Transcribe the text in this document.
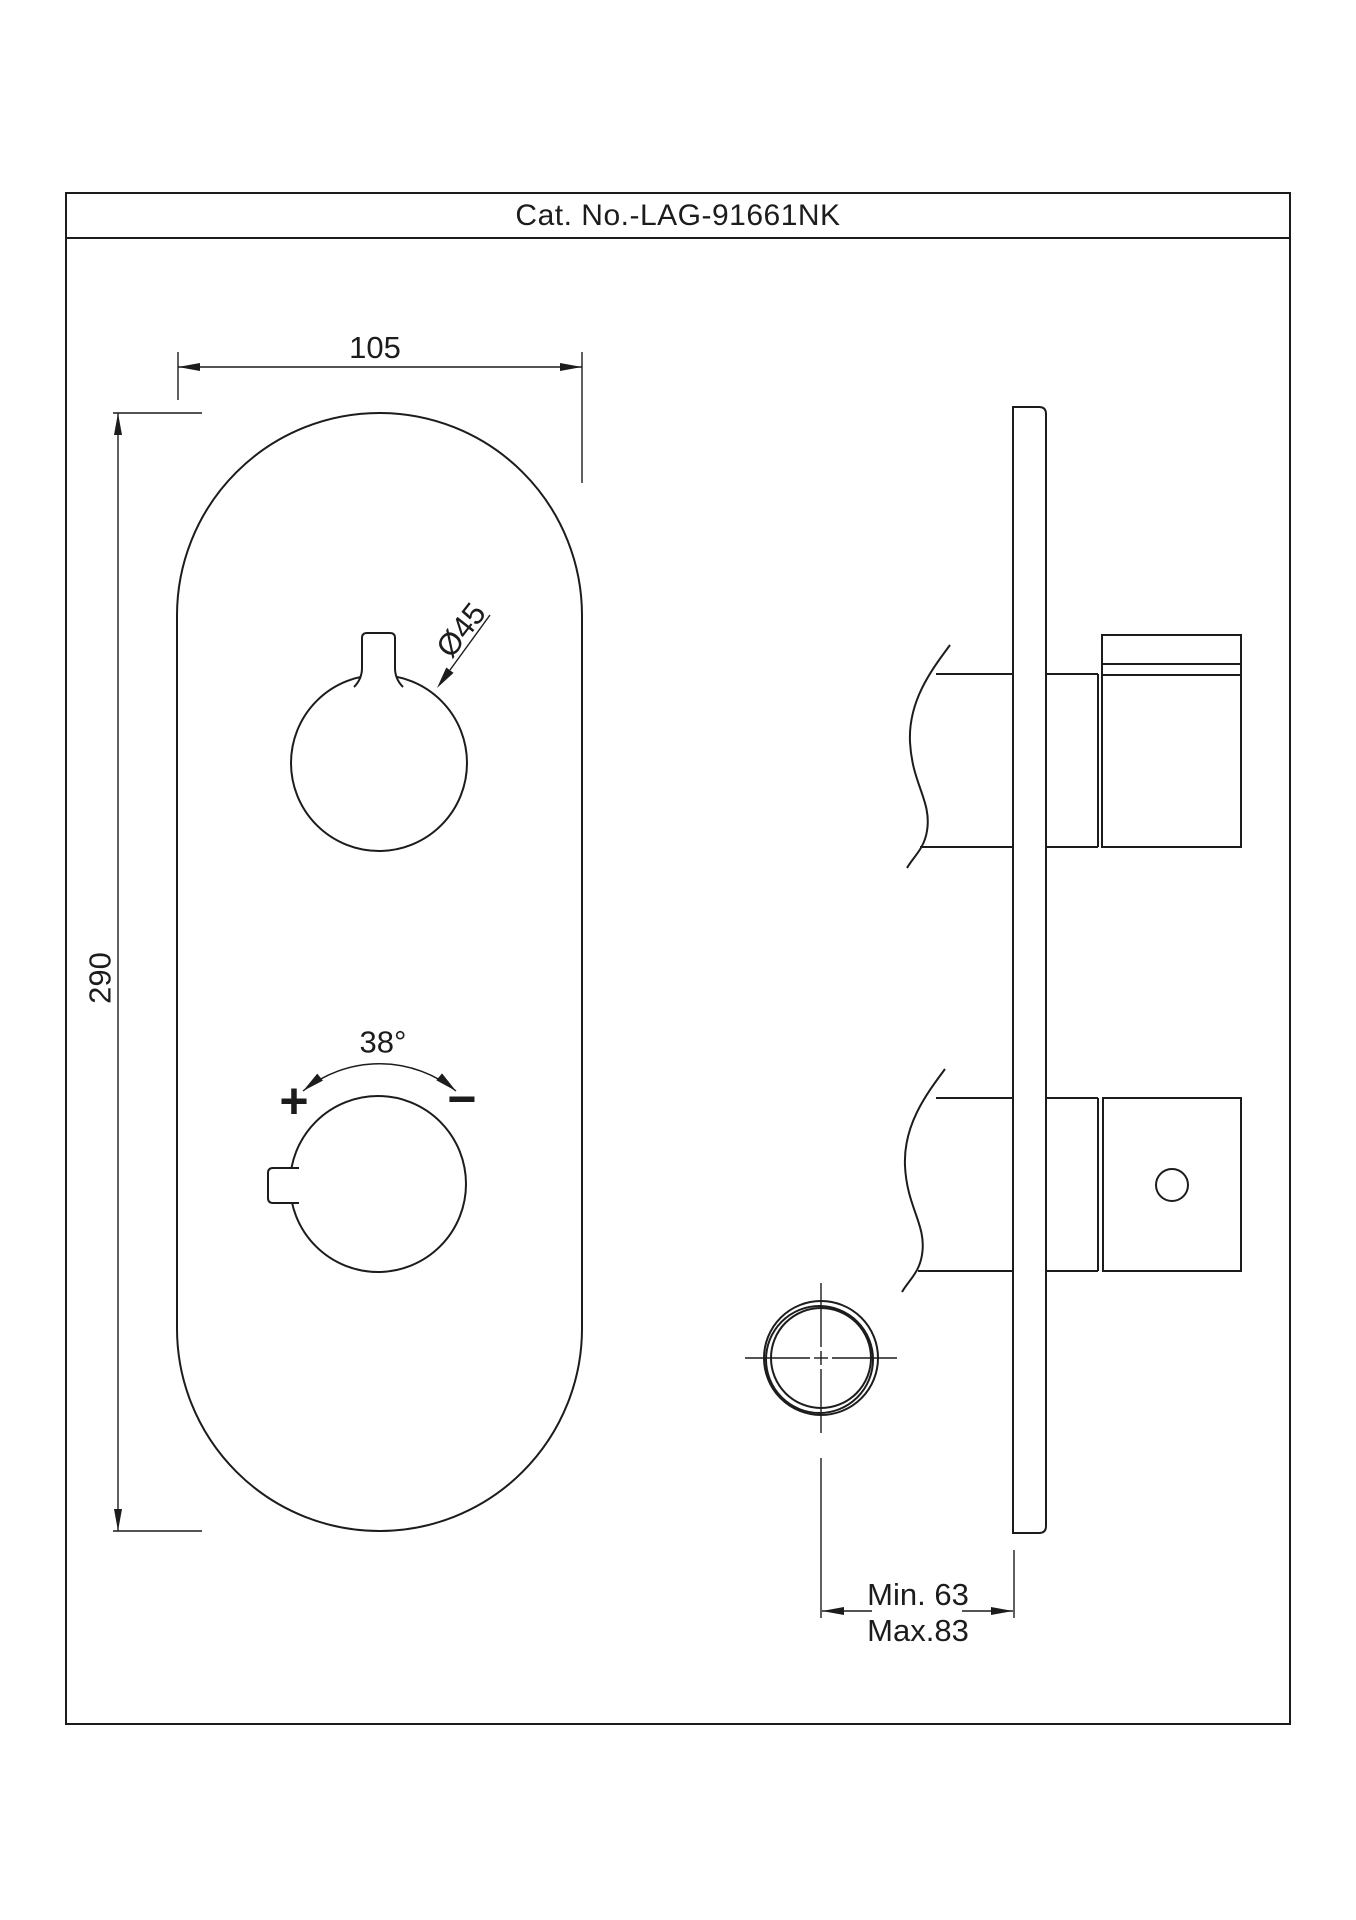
Cat. No.-LAG-91661NK
Ø45
38°
+	−
105
290
Min. 63
Max.83
